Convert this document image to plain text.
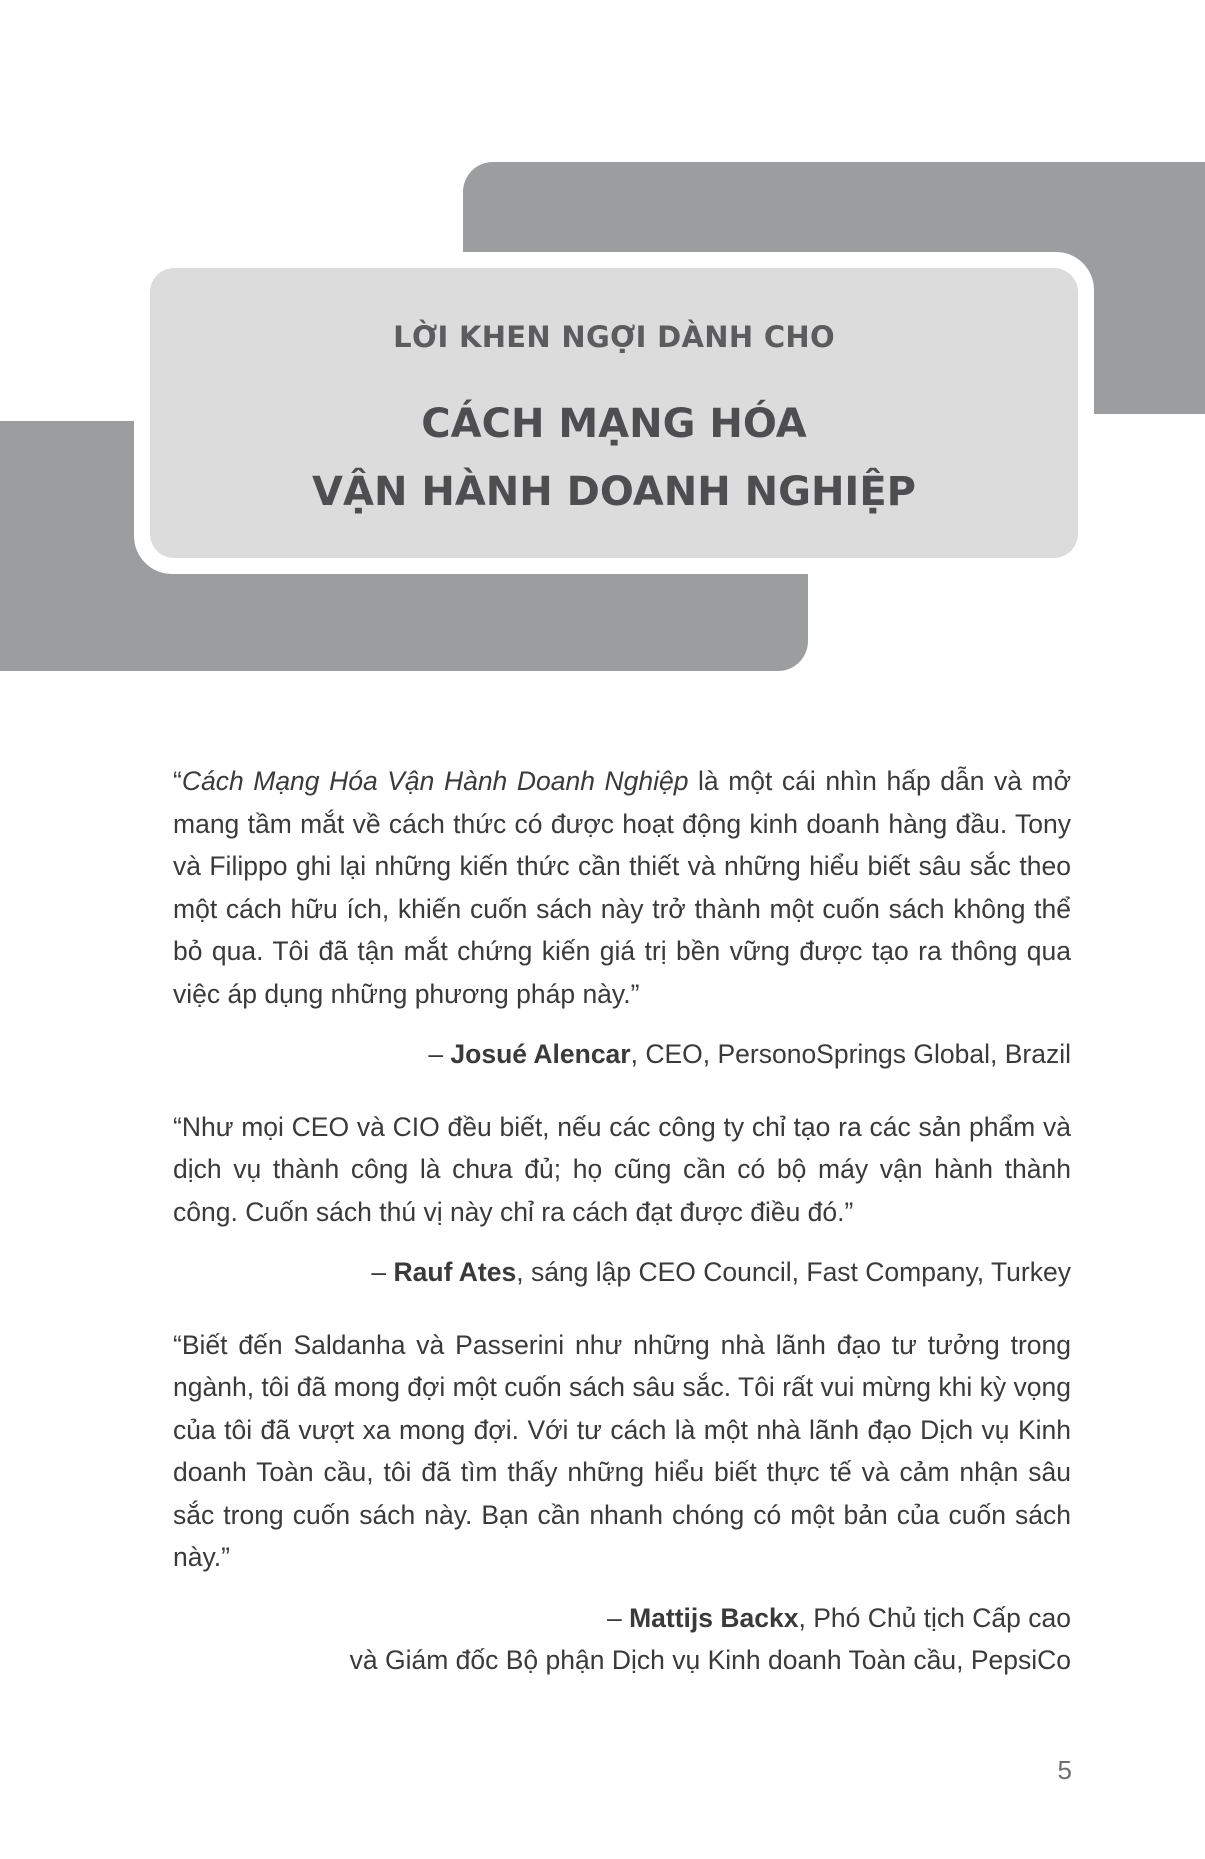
LỜI KHEN NGỢI DÀNH CHO
CÁCH MẠNG HÓA
VẬN HÀNH DOANH NGHIỆP

“Cách Mạng Hóa Vận Hành Doanh Nghiệp là một cái nhìn hấp dẫn và mở mang tầm mắt về cách thức có được hoạt động kinh doanh hàng đầu. Tony và Filippo ghi lại những kiến thức cần thiết và những hiểu biết sâu sắc theo một cách hữu ích, khiến cuốn sách này trở thành một cuốn sách không thể bỏ qua. Tôi đã tận mắt chứng kiến giá trị bền vững được tạo ra thông qua việc áp dụng những phương pháp này.”

– Josué Alencar, CEO, PersonoSprings Global, Brazil

“Như mọi CEO và CIO đều biết, nếu các công ty chỉ tạo ra các sản phẩm và dịch vụ thành công là chưa đủ; họ cũng cần có bộ máy vận hành thành công. Cuốn sách thú vị này chỉ ra cách đạt được điều đó.”

– Rauf Ates, sáng lập CEO Council, Fast Company, Turkey

“Biết đến Saldanha và Passerini như những nhà lãnh đạo tư tưởng trong ngành, tôi đã mong đợi một cuốn sách sâu sắc. Tôi rất vui mừng khi kỳ vọng của tôi đã vượt xa mong đợi. Với tư cách là một nhà lãnh đạo Dịch vụ Kinh doanh Toàn cầu, tôi đã tìm thấy những hiểu biết thực tế và cảm nhận sâu sắc trong cuốn sách này. Bạn cần nhanh chóng có một bản của cuốn sách này.”

– Mattijs Backx, Phó Chủ tịch Cấp cao
và Giám đốc Bộ phận Dịch vụ Kinh doanh Toàn cầu, PepsiCo

5
